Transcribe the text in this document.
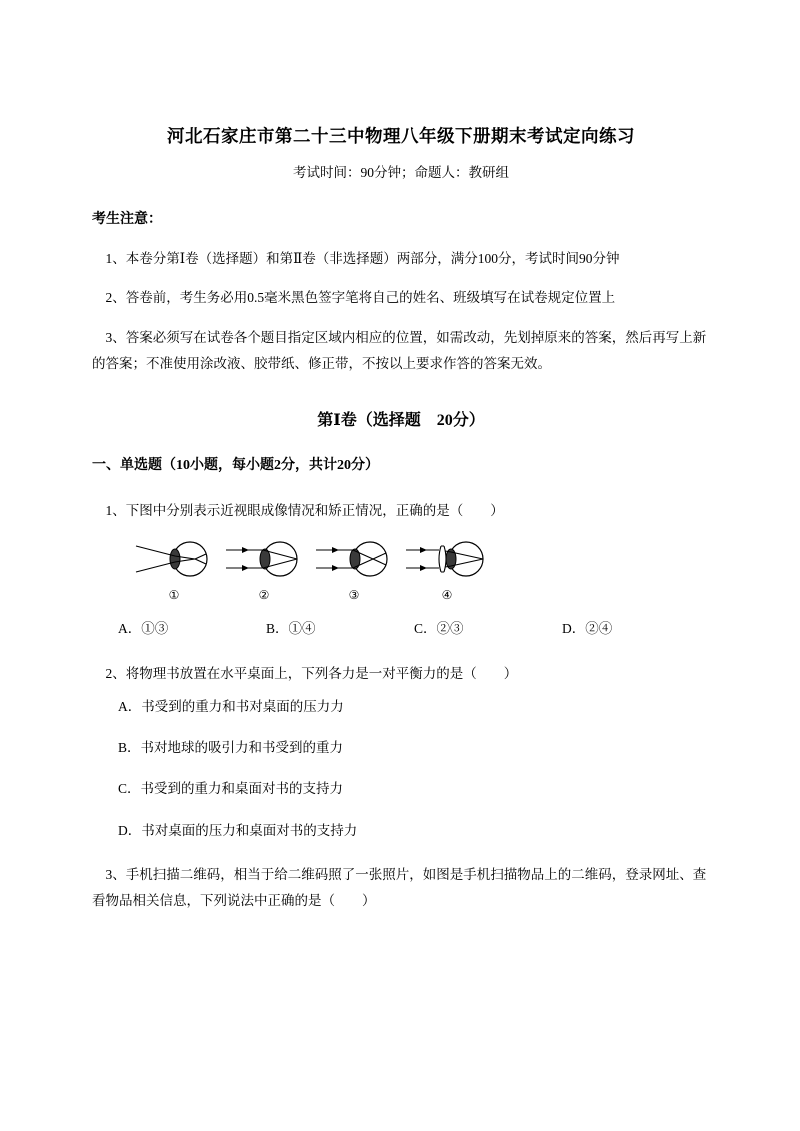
河北石家庄市第二十三中物理八年级下册期末考试定向练习
考试时间：90分钟；命题人：教研组
考生注意：

1、本卷分第Ⅰ卷（选择题）和第Ⅱ卷（非选择题）两部分，满分100分，考试时间90分钟

2、答卷前，考生务必用0.5毫米黑色签字笔将自己的姓名、班级填写在试卷规定位置上

3、答案必须写在试卷各个题目指定区域内相应的位置，如需改动，先划掉原来的答案，然后再写上新的答案；不准使用涂改液、胶带纸、修正带，不按以上要求作答的答案无效。

第Ⅰ卷（选择题　20分）
一、单选题（10小题，每小题2分，共计20分）

1、下图中分别表示近视眼成像情况和矫正情况，正确的是（　　）

①	②	③	④
A．①③	B．①④	C．②③	D．②④

2、将物理书放置在水平桌面上，下列各力是一对平衡力的是（　　）

A．书受到的重力和书对桌面的压力力

B．书对地球的吸引力和书受到的重力

C．书受到的重力和桌面对书的支持力

D．书对桌面的压力和桌面对书的支持力

3、手机扫描二维码，相当于给二维码照了一张照片，如图是手机扫描物品上的二维码，登录网址、查看物品相关信息，下列说法中正确的是（　　）
